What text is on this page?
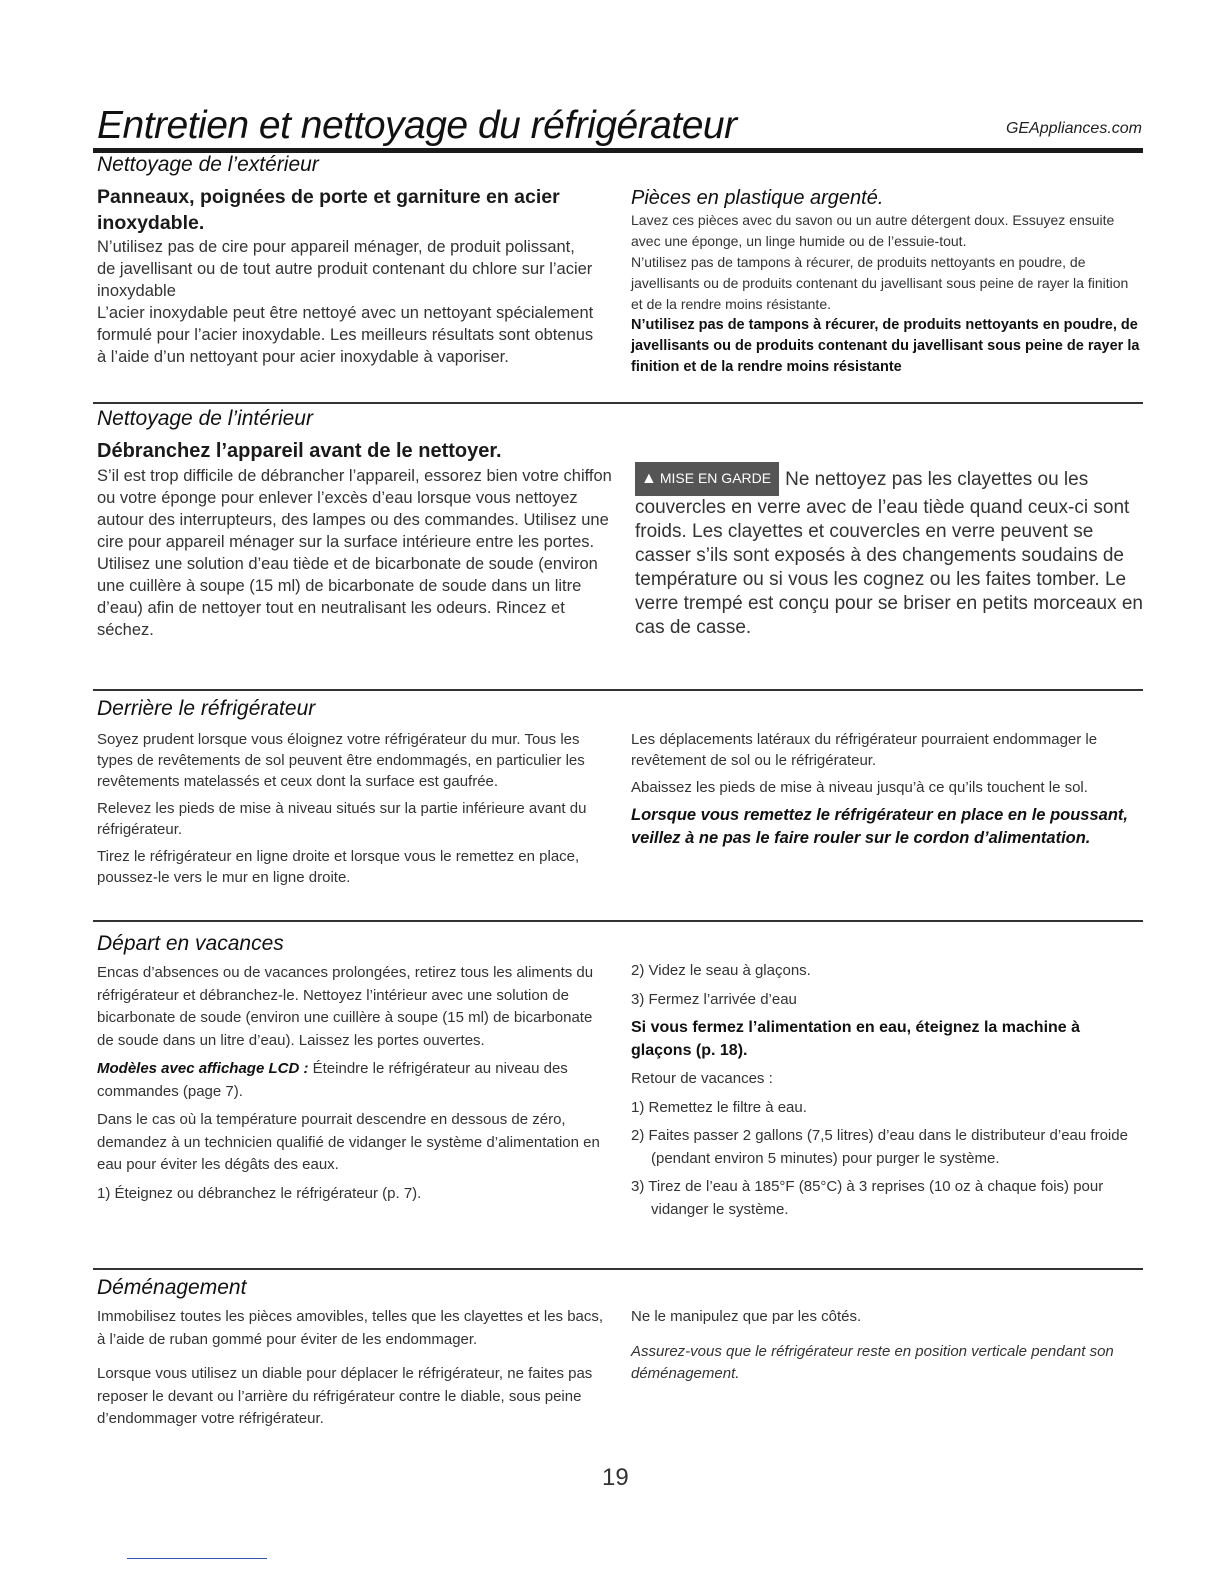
Entretien et nettoyage du réfrigérateur	GEAppliances.com
Nettoyage de l’extérieur

Panneaux, poignées de porte et garniture en acier inoxydable.

N’utilisez pas de cire pour appareil ménager, de produit polissant, de javellisant ou de tout autre produit contenant du chlore sur l’acier inoxydable

L’acier inoxydable peut être nettoyé avec un nettoyant spécialement formulé pour l’acier inoxydable. Les meilleurs résultats sont obtenus à l’aide d’un nettoyant pour acier inoxydable à vaporiser.

Pièces en plastique argenté.

Lavez ces pièces avec du savon ou un autre détergent doux. Essuyez ensuite avec une éponge, un linge humide ou de l’essuie-tout.

N’utilisez pas de tampons à récurer, de produits nettoyants en poudre, de javellisants ou de produits contenant du javellisant sous peine de rayer la finition et de la rendre moins résistante.

N’utilisez pas de tampons à récurer, de produits nettoyants en poudre, de javellisants ou de produits contenant du javellisant sous peine de rayer la finition et de la rendre moins résistante

Nettoyage de l’intérieur

Débranchez l’appareil avant de le nettoyer.

S’il est trop difficile de débrancher l’appareil, essorez bien votre chiffon ou votre éponge pour enlever l’excès d’eau lorsque vous nettoyez autour des interrupteurs, des lampes ou des commandes. Utilisez une cire pour appareil ménager sur la surface intérieure entre les portes.

Utilisez une solution d’eau tiède et de bicarbonate de soude (environ une cuillère à soupe (15 ml) de bicarbonate de soude dans un litre d’eau) afin de nettoyer tout en neutralisant les odeurs. Rincez et séchez.

▲ MISE EN GARDE Ne nettoyez pas les clayettes ou les couvercles en verre avec de l’eau tiède quand ceux-ci sont froids. Les clayettes et couvercles en verre peuvent se casser s’ils sont exposés à des changements soudains de température ou si vous les cognez ou les faites tomber. Le verre trempé est conçu pour se briser en petits morceaux en cas de casse.
Derrière le réfrigérateur

Soyez prudent lorsque vous éloignez votre réfrigérateur du mur. Tous les types de revêtements de sol peuvent être endommagés, en particulier les revêtements matelassés et ceux dont la surface est gaufrée.

Relevez les pieds de mise à niveau situés sur la partie inférieure avant du réfrigérateur.

Tirez le réfrigérateur en ligne droite et lorsque vous le remettez en place, poussez-le vers le mur en ligne droite.

Les déplacements latéraux du réfrigérateur pourraient endommager le revêtement de sol ou le réfrigérateur.

Abaissez les pieds de mise à niveau jusqu’à ce qu’ils touchent le sol.

Lorsque vous remettez le réfrigérateur en place en le poussant, veillez à ne pas le faire rouler sur le cordon d’alimentation.

Départ en vacances

Encas d’absences ou de vacances prolongées, retirez tous les aliments du réfrigérateur et débranchez-le. Nettoyez l’intérieur avec une solution de bicarbonate de soude (environ une cuillère à soupe (15 ml) de bicarbonate de soude dans un litre d’eau). Laissez les portes ouvertes.

Modèles avec affichage LCD : Éteindre le réfrigérateur au niveau des commandes (page 7).

Dans le cas où la température pourrait descendre en dessous de zéro, demandez à un technicien qualifié de vidanger le système d’alimentation en eau pour éviter les dégâts des eaux.

1) Éteignez ou débranchez le réfrigérateur (p. 7).

2) Videz le seau à glaçons.

3) Fermez l’arrivée d’eau

Si vous fermez l’alimentation en eau, éteignez la machine à glaçons (p. 18).

Retour de vacances :

1) Remettez le filtre à eau.

2) Faites passer 2 gallons (7,5 litres) d’eau dans le distributeur d’eau froide (pendant environ 5 minutes) pour purger le système.

3) Tirez de l’eau à 185°F (85°C) à 3 reprises (10 oz à chaque fois) pour vidanger le système.

Déménagement

Immobilisez toutes les pièces amovibles, telles que les clayettes et les bacs, à l’aide de ruban gommé pour éviter de les endommager.

Lorsque vous utilisez un diable pour déplacer le réfrigérateur, ne faites pas reposer le devant ou l’arrière du réfrigérateur contre le diable, sous peine d’endommager votre réfrigérateur.

Ne le manipulez que par les côtés.

Assurez-vous que le réfrigérateur reste en position verticale pendant son déménagement.

19
